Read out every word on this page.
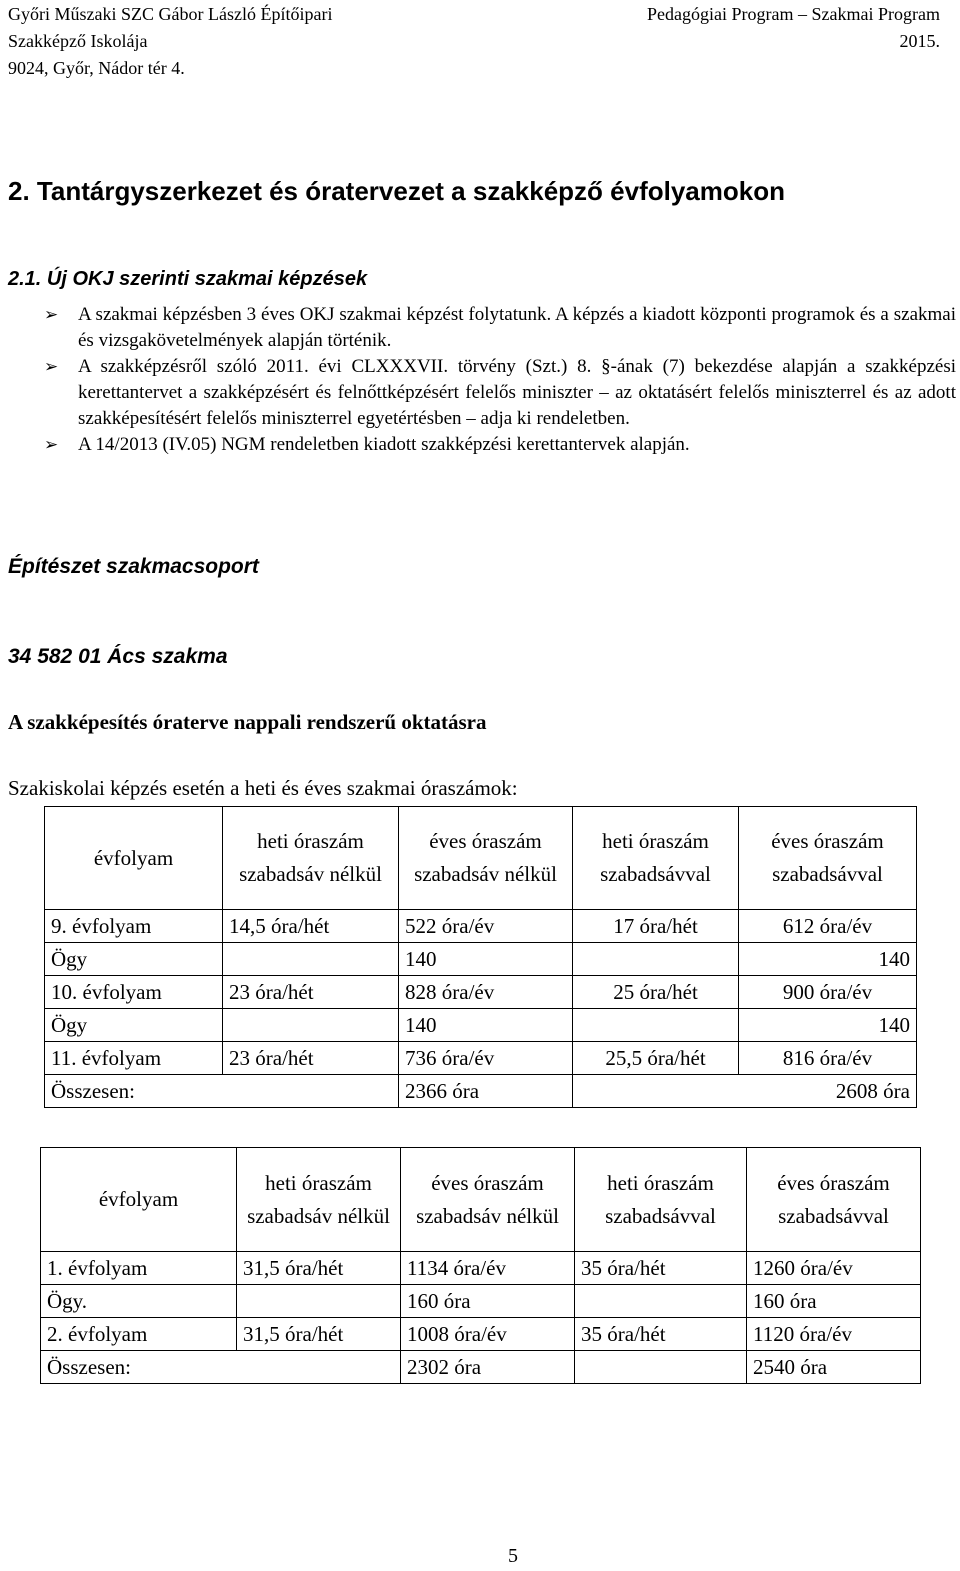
Győri Műszaki SZC Gábor László Építőipari
Szakképző Iskolája
9024, Győr, Nádor tér 4.
Pedagógiai Program – Szakmai Program
2015.
2. Tantárgyszerkezet és óratervezet a szakképző évfolyamokon
2.1. Új OKJ szerinti szakmai képzések

➢ A szakmai képzésben 3 éves OKJ szakmai képzést folytatunk. A képzés a kiadott központi programok és a szakmai és vizsgakövetelmények alapján történik.

➢ A szakképzésről szóló 2011. évi CLXXXVII. törvény (Szt.) 8. §-ának (7) bekezdése alapján a szakképzési kerettantervet a szakképzésért és felnőttképzésért felelős miniszter – az oktatásért felelős miniszterrel és az adott szakképesítésért felelős miniszterrel egyetértésben – adja ki rendeletben.

➢ A 14/2013 (IV.05) NGM rendeletben kiadott szakképzési kerettantervek alapján.

Építészet szakmacsoport
34 582 01 Ács szakma
A szakképesítés óraterve nappali rendszerű oktatásra
Szakiskolai képzés esetén a heti és éves szakmai óraszámok:
évfolyam	heti óraszám szabadsáv nélkül	éves óraszám szabadsáv nélkül	heti óraszám szabadsávval	éves óraszám szabadsávval
9. évfolyam	14,5 óra/hét	522 óra/év	17 óra/hét	612 óra/év
Ögy		140		140
10. évfolyam	23 óra/hét	828 óra/év	25 óra/hét	900 óra/év
Ögy		140		140
11. évfolyam	23 óra/hét	736 óra/év	25,5 óra/hét	816 óra/év
Összesen:		2366 óra	2608 óra	
évfolyam	heti óraszám szabadsáv nélkül	éves óraszám szabadsáv nélkül	heti óraszám szabadsávval	éves óraszám szabadsávval
1. évfolyam	31,5 óra/hét	1134 óra/év	35 óra/hét	1260 óra/év
Ögy.		160 óra		160 óra
2. évfolyam	31,5 óra/hét	1008 óra/év	35 óra/hét	1120 óra/év
Összesen:		2302 óra		2540 óra
5
